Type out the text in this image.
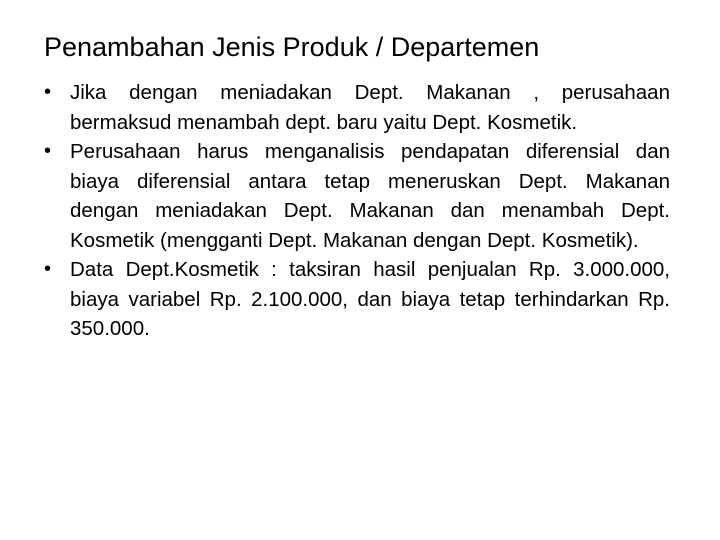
Penambahan Jenis Produk / Departemen
• Jika dengan meniadakan Dept. Makanan , perusahaan bermaksud menambah dept. baru yaitu Dept. Kosmetik.
• Perusahaan harus menganalisis pendapatan diferensial dan biaya diferensial antara tetap meneruskan Dept. Makanan dengan meniadakan Dept. Makanan dan menambah Dept. Kosmetik (mengganti Dept. Makanan dengan Dept. Kosmetik).
• Data Dept.Kosmetik : taksiran hasil penjualan Rp. 3.000.000, biaya variabel Rp. 2.100.000, dan biaya tetap terhindarkan Rp. 350.000.
